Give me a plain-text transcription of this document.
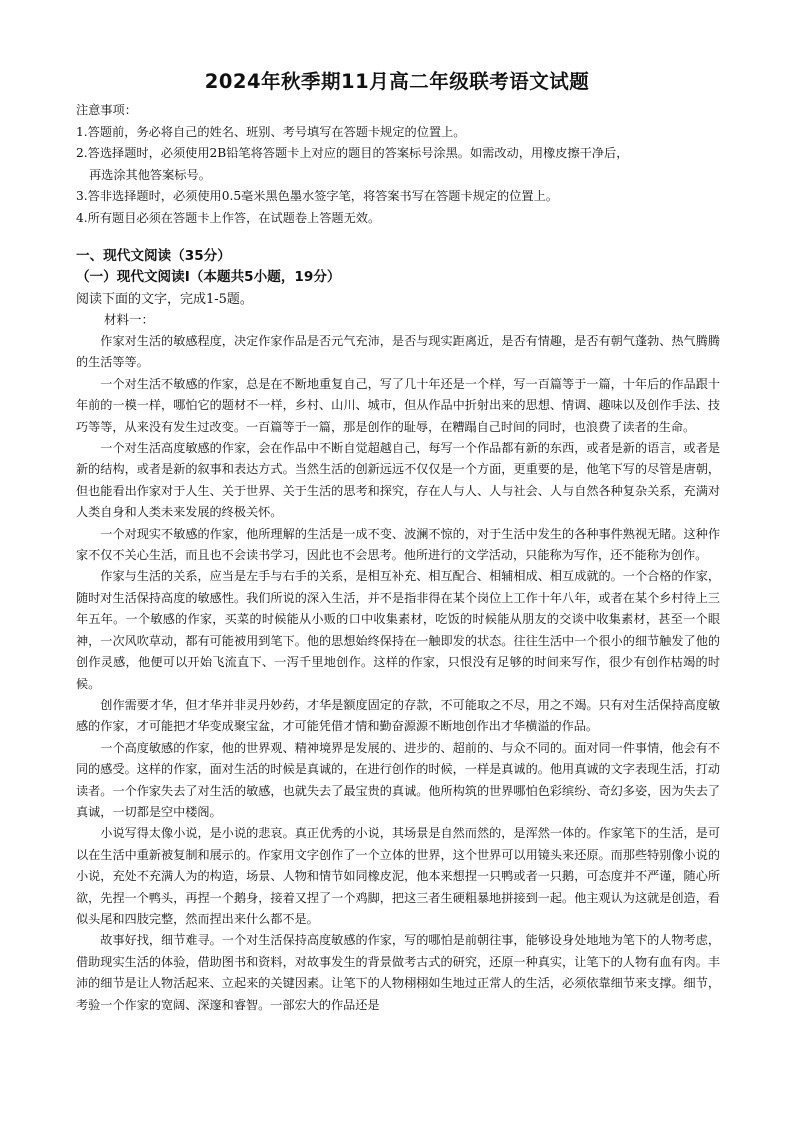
2024年秋季期11月高二年级联考语文试题
注意事项：
1.答题前，务必将自己的姓名、班别、考号填写在答题卡规定的位置上。
2.答选择题时，必须使用2B铅笔将答题卡上对应的题目的答案标号涂黑。如需改动，用橡皮擦干净后，
再选涂其他答案标号。
3.答非选择题时，必须使用0.5毫米黑色墨水签字笔，将答案书写在答题卡规定的位置上。
4.所有题目必须在答题卡上作答，在试题卷上答题无效。
一、现代文阅读（35分）
（一）现代文阅读Ⅰ（本题共5小题，19分）
阅读下面的文字，完成1-5题。
材料一：

作家对生活的敏感程度，决定作家作品是否元气充沛，是否与现实距离近，是否有情趣，是否有朝气蓬勃、热气腾腾的生活等等。

一个对生活不敏感的作家，总是在不断地重复自己，写了几十年还是一个样，写一百篇等于一篇，十年后的作品跟十年前的一模一样，哪怕它的题材不一样，乡村、山川、城市，但从作品中折射出来的思想、情调、趣味以及创作手法、技巧等等，从来没有发生过改变。一百篇等于一篇，那是创作的耻辱，在糟蹋自己时间的同时，也浪费了读者的生命。

一个对生活高度敏感的作家，会在作品中不断自觉超越自己，每写一个作品都有新的东西，或者是新的语言，或者是新的结构，或者是新的叙事和表达方式。当然生活的创新远远不仅仅是一个方面，更重要的是，他笔下写的尽管是唐朝，但也能看出作家对于人生、关于世界、关于生活的思考和探究，存在人与人、人与社会、人与自然各种复杂关系，充满对人类自身和人类未来发展的终极关怀。

一个对现实不敏感的作家，他所理解的生活是一成不变、波澜不惊的，对于生活中发生的各种事件熟视无睹。这种作家不仅不关心生活，而且也不会读书学习，因此也不会思考。他所进行的文学活动，只能称为写作，还不能称为创作。

作家与生活的关系，应当是左手与右手的关系，是相互补充、相互配合、相辅相成、相互成就的。一个合格的作家，随时对生活保持高度的敏感性。我们所说的深入生活，并不是指非得在某个岗位上工作十年八年，或者在某个乡村待上三年五年。一个敏感的作家，买菜的时候能从小贩的口中收集素材，吃饭的时候能从朋友的交谈中收集素材，甚至一个眼神，一次风吹草动，都有可能被用到笔下。他的思想始终保持在一触即发的状态。往往生活中一个很小的细节触发了他的创作灵感，他便可以开始飞流直下、一泻千里地创作。这样的作家，只恨没有足够的时间来写作，很少有创作枯竭的时候。

创作需要才华，但才华并非灵丹妙药，才华是额度固定的存款，不可能取之不尽，用之不竭。只有对生活保持高度敏感的作家，才可能把才华变成聚宝盆，才可能凭借才情和勤奋源源不断地创作出才华横溢的作品。

一个高度敏感的作家，他的世界观、精神境界是发展的、进步的、超前的、与众不同的。面对同一件事情，他会有不同的感受。这样的作家，面对生活的时候是真诚的，在进行创作的时候，一样是真诚的。他用真诚的文字表现生活，打动读者。一个作家失去了对生活的敏感，也就失去了最宝贵的真诚。他所构筑的世界哪怕色彩缤纷、奇幻多姿，因为失去了真诚，一切都是空中楼阁。

小说写得太像小说，是小说的悲哀。真正优秀的小说，其场景是自然而然的，是浑然一体的。作家笔下的生活，是可以在生活中重新被复制和展示的。作家用文字创作了一个立体的世界，这个世界可以用镜头来还原。而那些特别像小说的小说，充处不充满人为的构造，场景、人物和情节如同橡皮泥，他本来想捏一只鸭或者一只鹅，可态度并不严谨，随心所欲，先捏一个鸭头，再捏一个鹅身，接着又捏了一个鸡脚，把这三者生硬粗暴地拼接到一起。他主观认为这就是创造，看似头尾和四肢完整，然而捏出来什么都不是。

故事好找，细节难寻。一个对生活保持高度敏感的作家，写的哪怕是前朝往事，能够设身处地地为笔下的人物考虑，借助现实生活的体验，借助图书和资料，对故事发生的背景做考古式的研究，还原一种真实，让笔下的人物有血有肉。丰沛的细节是让人物活起来、立起来的关键因素。让笔下的人物栩栩如生地过正常人的生活，必须依靠细节来支撑。细节，考验一个作家的宽阔、深邃和睿智。一部宏大的作品还是
